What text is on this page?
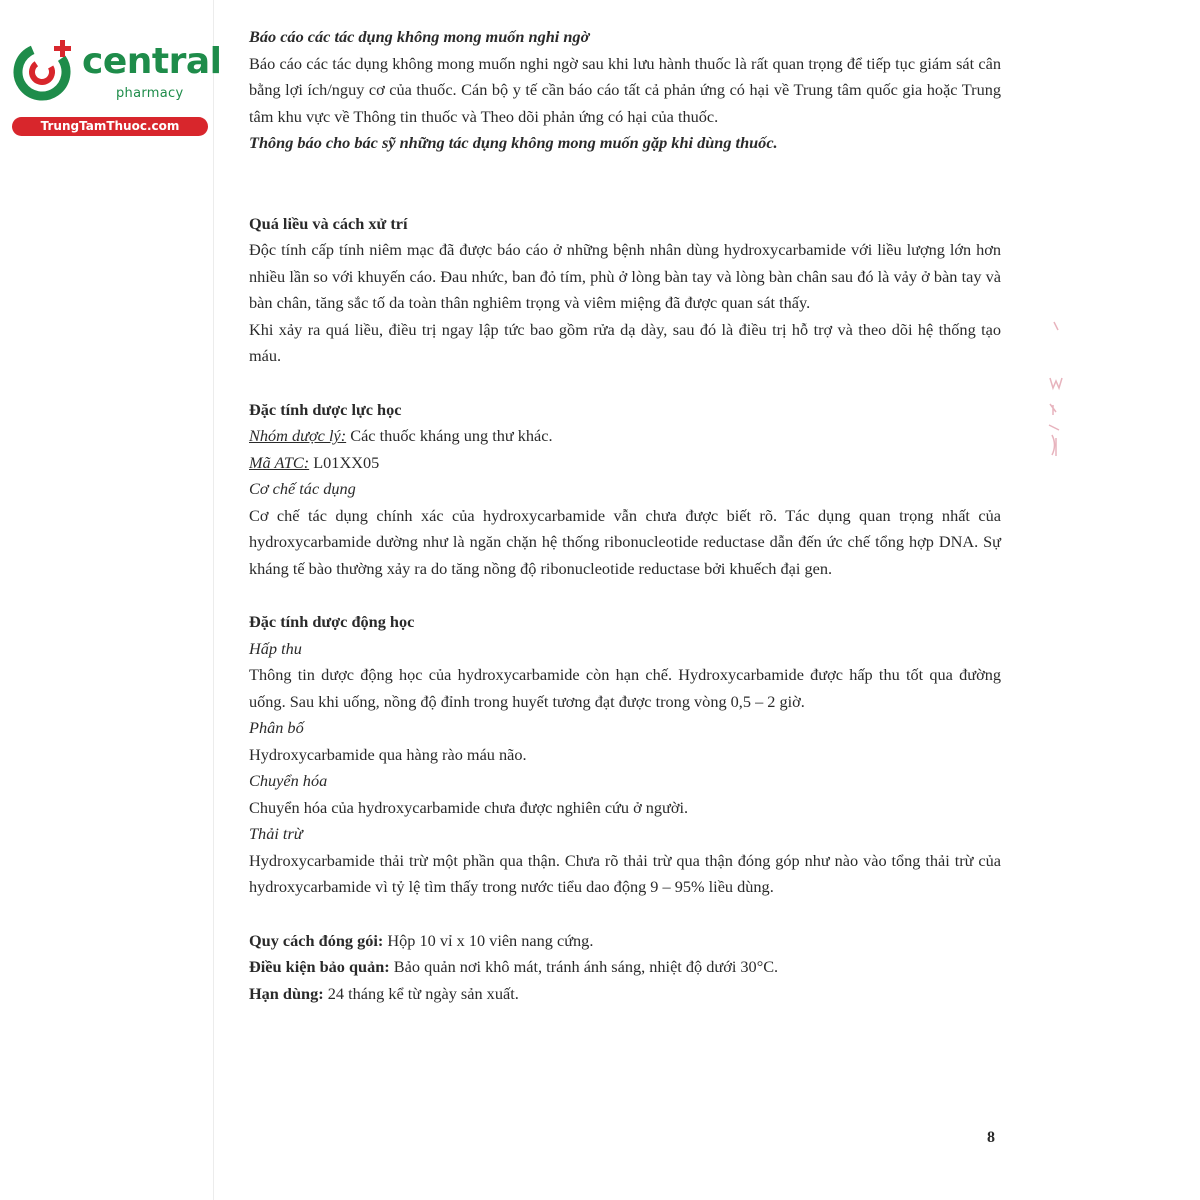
central
pharmacy
TrungTamThuoc.com

Báo cáo các tác dụng không mong muốn nghi ngờ

Báo cáo các tác dụng không mong muốn nghi ngờ sau khi lưu hành thuốc là rất quan trọng để tiếp tục giám sát cân bằng lợi ích/nguy cơ của thuốc. Cán bộ y tế cần báo cáo tất cả phản ứng có hại về Trung tâm quốc gia hoặc Trung tâm khu vực về Thông tin thuốc và Theo dõi phản ứng có hại của thuốc.

Thông báo cho bác sỹ những tác dụng không mong muốn gặp khi dùng thuốc.

Quá liều và cách xử trí

Độc tính cấp tính niêm mạc đã được báo cáo ở những bệnh nhân dùng hydroxycarbamide với liều lượng lớn hơn nhiều lần so với khuyến cáo. Đau nhức, ban đỏ tím, phù ở lòng bàn tay và lòng bàn chân sau đó là vảy ở bàn tay và bàn chân, tăng sắc tố da toàn thân nghiêm trọng và viêm miệng đã được quan sát thấy.

Khi xảy ra quá liều, điều trị ngay lập tức bao gồm rửa dạ dày, sau đó là điều trị hỗ trợ và theo dõi hệ thống tạo máu.

Đặc tính dược lực học

Nhóm dược lý: Các thuốc kháng ung thư khác.

Mã ATC: L01XX05

Cơ chế tác dụng

Cơ chế tác dụng chính xác của hydroxycarbamide vẫn chưa được biết rõ. Tác dụng quan trọng nhất của hydroxycarbamide dường như là ngăn chặn hệ thống ribonucleotide reductase dẫn đến ức chế tổng hợp DNA. Sự kháng tế bào thường xảy ra do tăng nồng độ ribonucleotide reductase bởi khuếch đại gen.

Đặc tính dược động học

Hấp thu

Thông tin dược động học của hydroxycarbamide còn hạn chế. Hydroxycarbamide được hấp thu tốt qua đường uống. Sau khi uống, nồng độ đỉnh trong huyết tương đạt được trong vòng 0,5 – 2 giờ.

Phân bố

Hydroxycarbamide qua hàng rào máu não.

Chuyển hóa

Chuyển hóa của hydroxycarbamide chưa được nghiên cứu ở người.

Thải trừ

Hydroxycarbamide thải trừ một phần qua thận. Chưa rõ thải trừ qua thận đóng góp như nào vào tổng thải trừ của hydroxycarbamide vì tỷ lệ tìm thấy trong nước tiểu dao động 9 – 95% liều dùng.

Quy cách đóng gói: Hộp 10 vỉ x 10 viên nang cứng.

Điều kiện bảo quản: Bảo quản nơi khô mát, tránh ánh sáng, nhiệt độ dưới 30°C.

Hạn dùng: 24 tháng kể từ ngày sản xuất.

8
